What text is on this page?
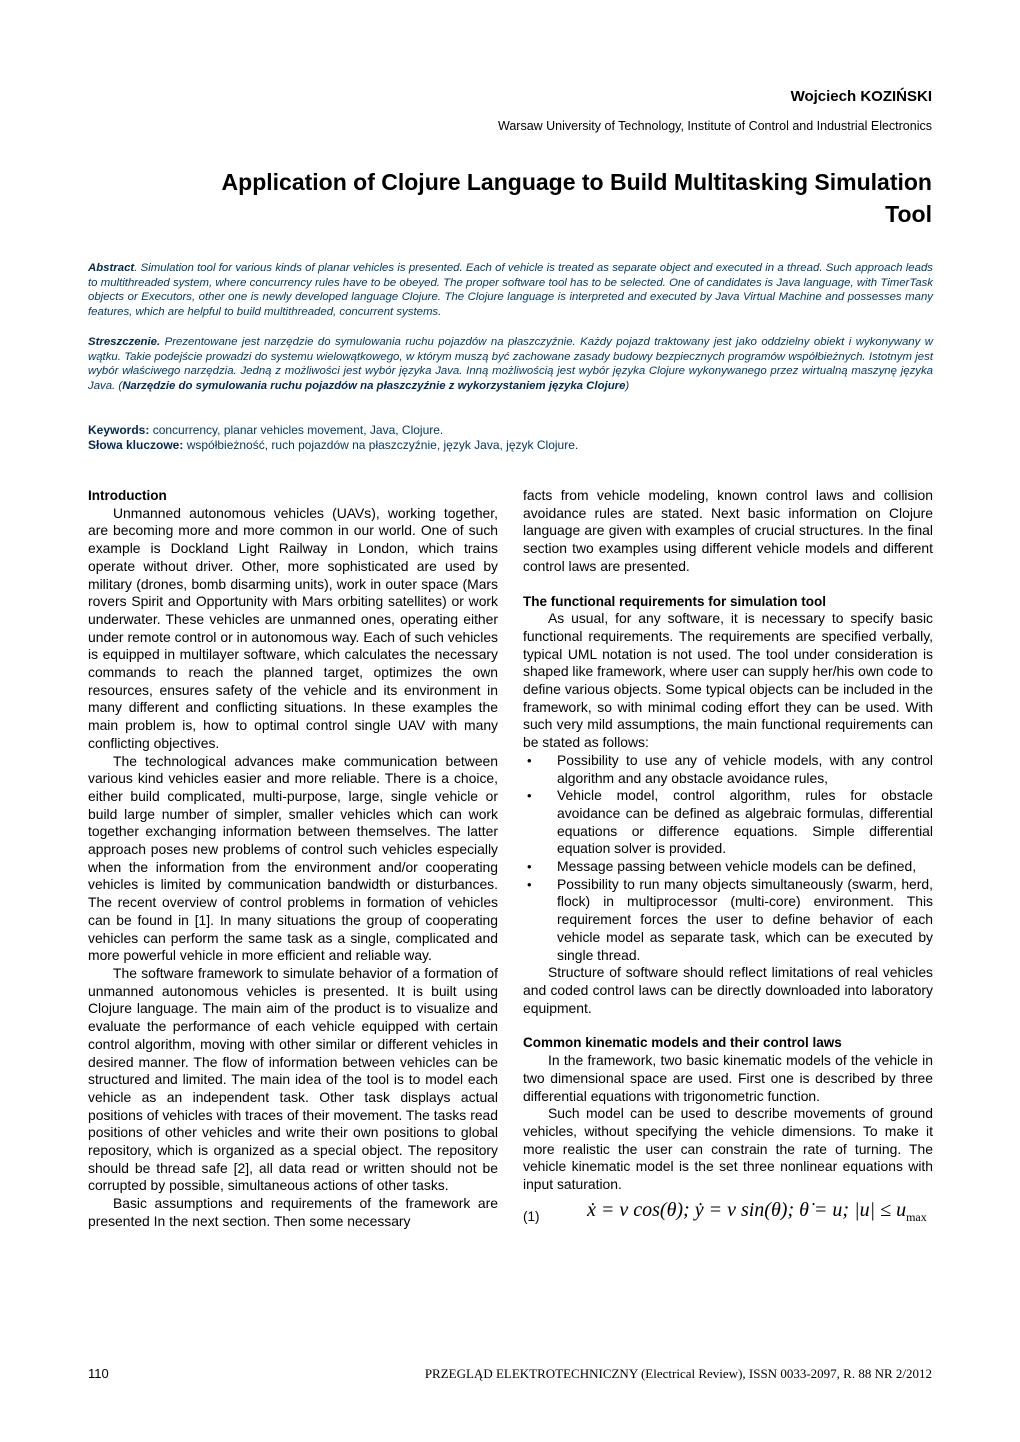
Wojciech KOZIŃSKI
Warsaw University of Technology, Institute of Control and Industrial Electronics
Application of Clojure Language to Build Multitasking Simulation Tool
Abstract. Simulation tool for various kinds of planar vehicles is presented. Each of vehicle is treated as separate object and executed in a thread. Such approach leads to multithreaded system, where concurrency rules have to be obeyed. The proper software tool has to be selected. One of candidates is Java language, with TimerTask objects or Executors, other one is newly developed language Clojure. The Clojure language is interpreted and executed by Java Virtual Machine and possesses many features, which are helpful to build multithreaded, concurrent systems.
Streszczenie. Prezentowane jest narzędzie do symulowania ruchu pojazdów na płaszczyźnie. Każdy pojazd traktowany jest jako oddzielny obiekt i wykonywany w wątku. Takie podejście prowadzi do systemu wielowątkowego, w którym muszą być zachowane zasady budowy bezpiecznych programów współbieżnych. Istotnym jest wybór właściwego narzędzia. Jedną z możliwości jest wybór języka Java. Inną możliwością jest wybór języka Clojure wykonywanego przez wirtualną maszynę języka Java. (Narzędzie do symulowania ruchu pojazdów na płaszczyźnie z wykorzystaniem języka Clojure)
Keywords: concurrency, planar vehicles movement, Java, Clojure.
Słowa kluczowe: współbieżność, ruch pojazdów na płaszczyźnie, język Java, język Clojure.

Introduction

Unmanned autonomous vehicles (UAVs), working together, are becoming more and more common in our world. One of such example is Dockland Light Railway in London, which trains operate without driver. Other, more sophisticated are used by military (drones, bomb disarming units), work in outer space (Mars rovers Spirit and Opportunity with Mars orbiting satellites) or work underwater. These vehicles are unmanned ones, operating either under remote control or in autonomous way. Each of such vehicles is equipped in multilayer software, which calculates the necessary commands to reach the planned target, optimizes the own resources, ensures safety of the vehicle and its environment in many different and conflicting situations. In these examples the main problem is, how to optimal control single UAV with many conflicting objectives.

The technological advances make communication between various kind vehicles easier and more reliable. There is a choice, either build complicated, multi-purpose, large, single vehicle or build large number of simpler, smaller vehicles which can work together exchanging information between themselves. The latter approach poses new problems of control such vehicles especially when the information from the environment and/or cooperating vehicles is limited by communication bandwidth or disturbances. The recent overview of control problems in formation of vehicles can be found in [1]. In many situations the group of cooperating vehicles can perform the same task as a single, complicated and more powerful vehicle in more efficient and reliable way.

The software framework to simulate behavior of a formation of unmanned autonomous vehicles is presented. It is built using Clojure language. The main aim of the product is to visualize and evaluate the performance of each vehicle equipped with certain control algorithm, moving with other similar or different vehicles in desired manner. The flow of information between vehicles can be structured and limited. The main idea of the tool is to model each vehicle as an independent task. Other task displays actual positions of vehicles with traces of their movement. The tasks read positions of other vehicles and write their own positions to global repository, which is organized as a special object. The repository should be thread safe [2], all data read or written should not be corrupted by possible, simultaneous actions of other tasks.

Basic assumptions and requirements of the framework are presented In the next section. Then some necessary

facts from vehicle modeling, known control laws and collision avoidance rules are stated. Next basic information on Clojure language are given with examples of crucial structures. In the final section two examples using different vehicle models and different control laws are presented.

The functional requirements for simulation tool

As usual, for any software, it is necessary to specify basic functional requirements. The requirements are specified verbally, typical UML notation is not used. The tool under consideration is shaped like framework, where user can supply her/his own code to define various objects. Some typical objects can be included in the framework, so with minimal coding effort they can be used. With such very mild assumptions, the main functional requirements can be stated as follows:

• Possibility to use any of vehicle models, with any control algorithm and any obstacle avoidance rules,
• Vehicle model, control algorithm, rules for obstacle avoidance can be defined as algebraic formulas, differential equations or difference equations. Simple differential equation solver is provided.
• Message passing between vehicle models can be defined,
• Possibility to run many objects simultaneously (swarm, herd, flock) in multiprocessor (multi-core) environment. This requirement forces the user to define behavior of each vehicle model as separate task, which can be executed by single thread.

Structure of software should reflect limitations of real vehicles and coded control laws can be directly downloaded into laboratory equipment.

Common kinematic models and their control laws

In the framework, two basic kinematic models of the vehicle in two dimensional space are used. First one is described by three differential equations with trigonometric function.

Such model can be used to describe movements of ground vehicles, without specifying the vehicle dimensions. To make it more realistic the user can constrain the rate of turning. The vehicle kinematic model is the set three nonlinear equations with input saturation.

(1) ẋ = v cos(θ); ẏ = v sin(θ); θ̇ = u; $|u| \le u_{max}$
110	PRZEGLĄD ELEKTROTECHNICZNY (Electrical Review), ISSN 0033-2097, R. 88 NR 2/2012
